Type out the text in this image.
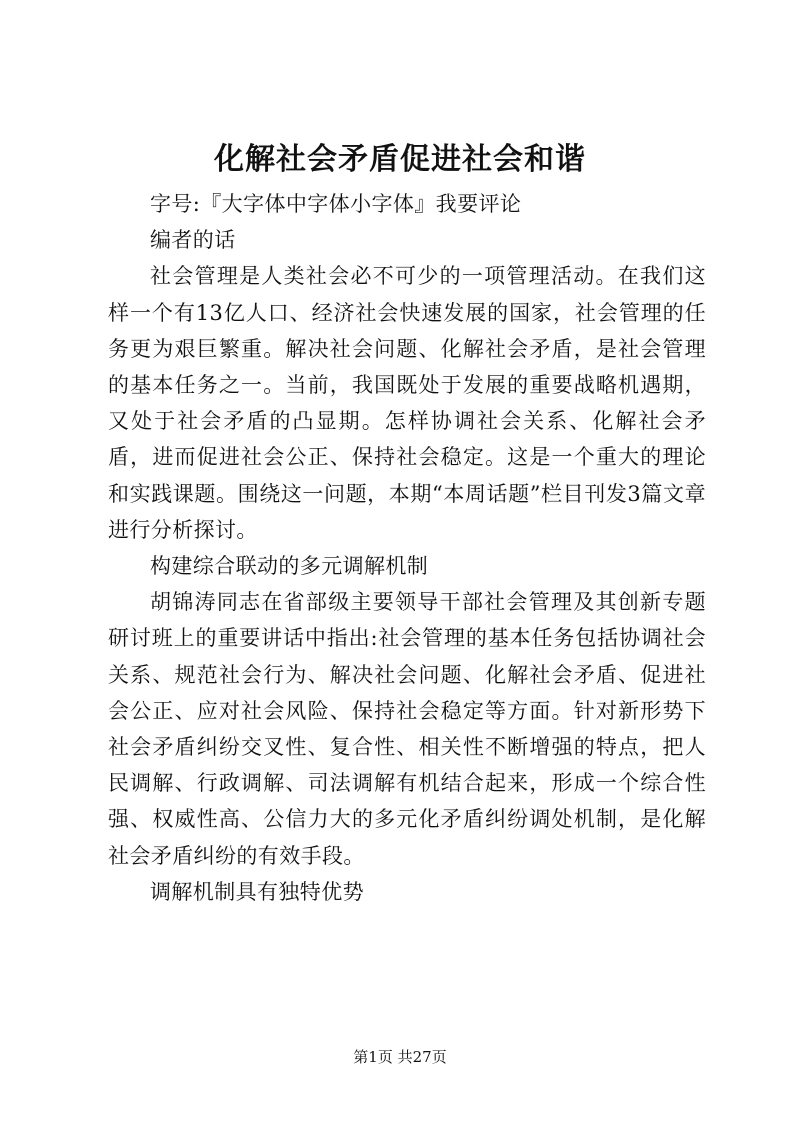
化解社会矛盾促进社会和谐

字号:『大字体中字体小字体』我要评论

编者的话

社会管理是人类社会必不可少的一项管理活动。在我们这样一个有13亿人口、经济社会快速发展的国家，社会管理的任务更为艰巨繁重。解决社会问题、化解社会矛盾，是社会管理的基本任务之一。当前，我国既处于发展的重要战略机遇期，又处于社会矛盾的凸显期。怎样协调社会关系、化解社会矛盾，进而促进社会公正、保持社会稳定。这是一个重大的理论和实践课题。围绕这一问题，本期“本周话题”栏目刊发3篇文章进行分析探讨。

构建综合联动的多元调解机制

胡锦涛同志在省部级主要领导干部社会管理及其创新专题研讨班上的重要讲话中指出:社会管理的基本任务包括协调社会关系、规范社会行为、解决社会问题、化解社会矛盾、促进社会公正、应对社会风险、保持社会稳定等方面。针对新形势下社会矛盾纠纷交叉性、复合性、相关性不断增强的特点，把人民调解、行政调解、司法调解有机结合起来，形成一个综合性强、权威性高、公信力大的多元化矛盾纠纷调处机制，是化解社会矛盾纠纷的有效手段。

调解机制具有独特优势

第1页 共27页
